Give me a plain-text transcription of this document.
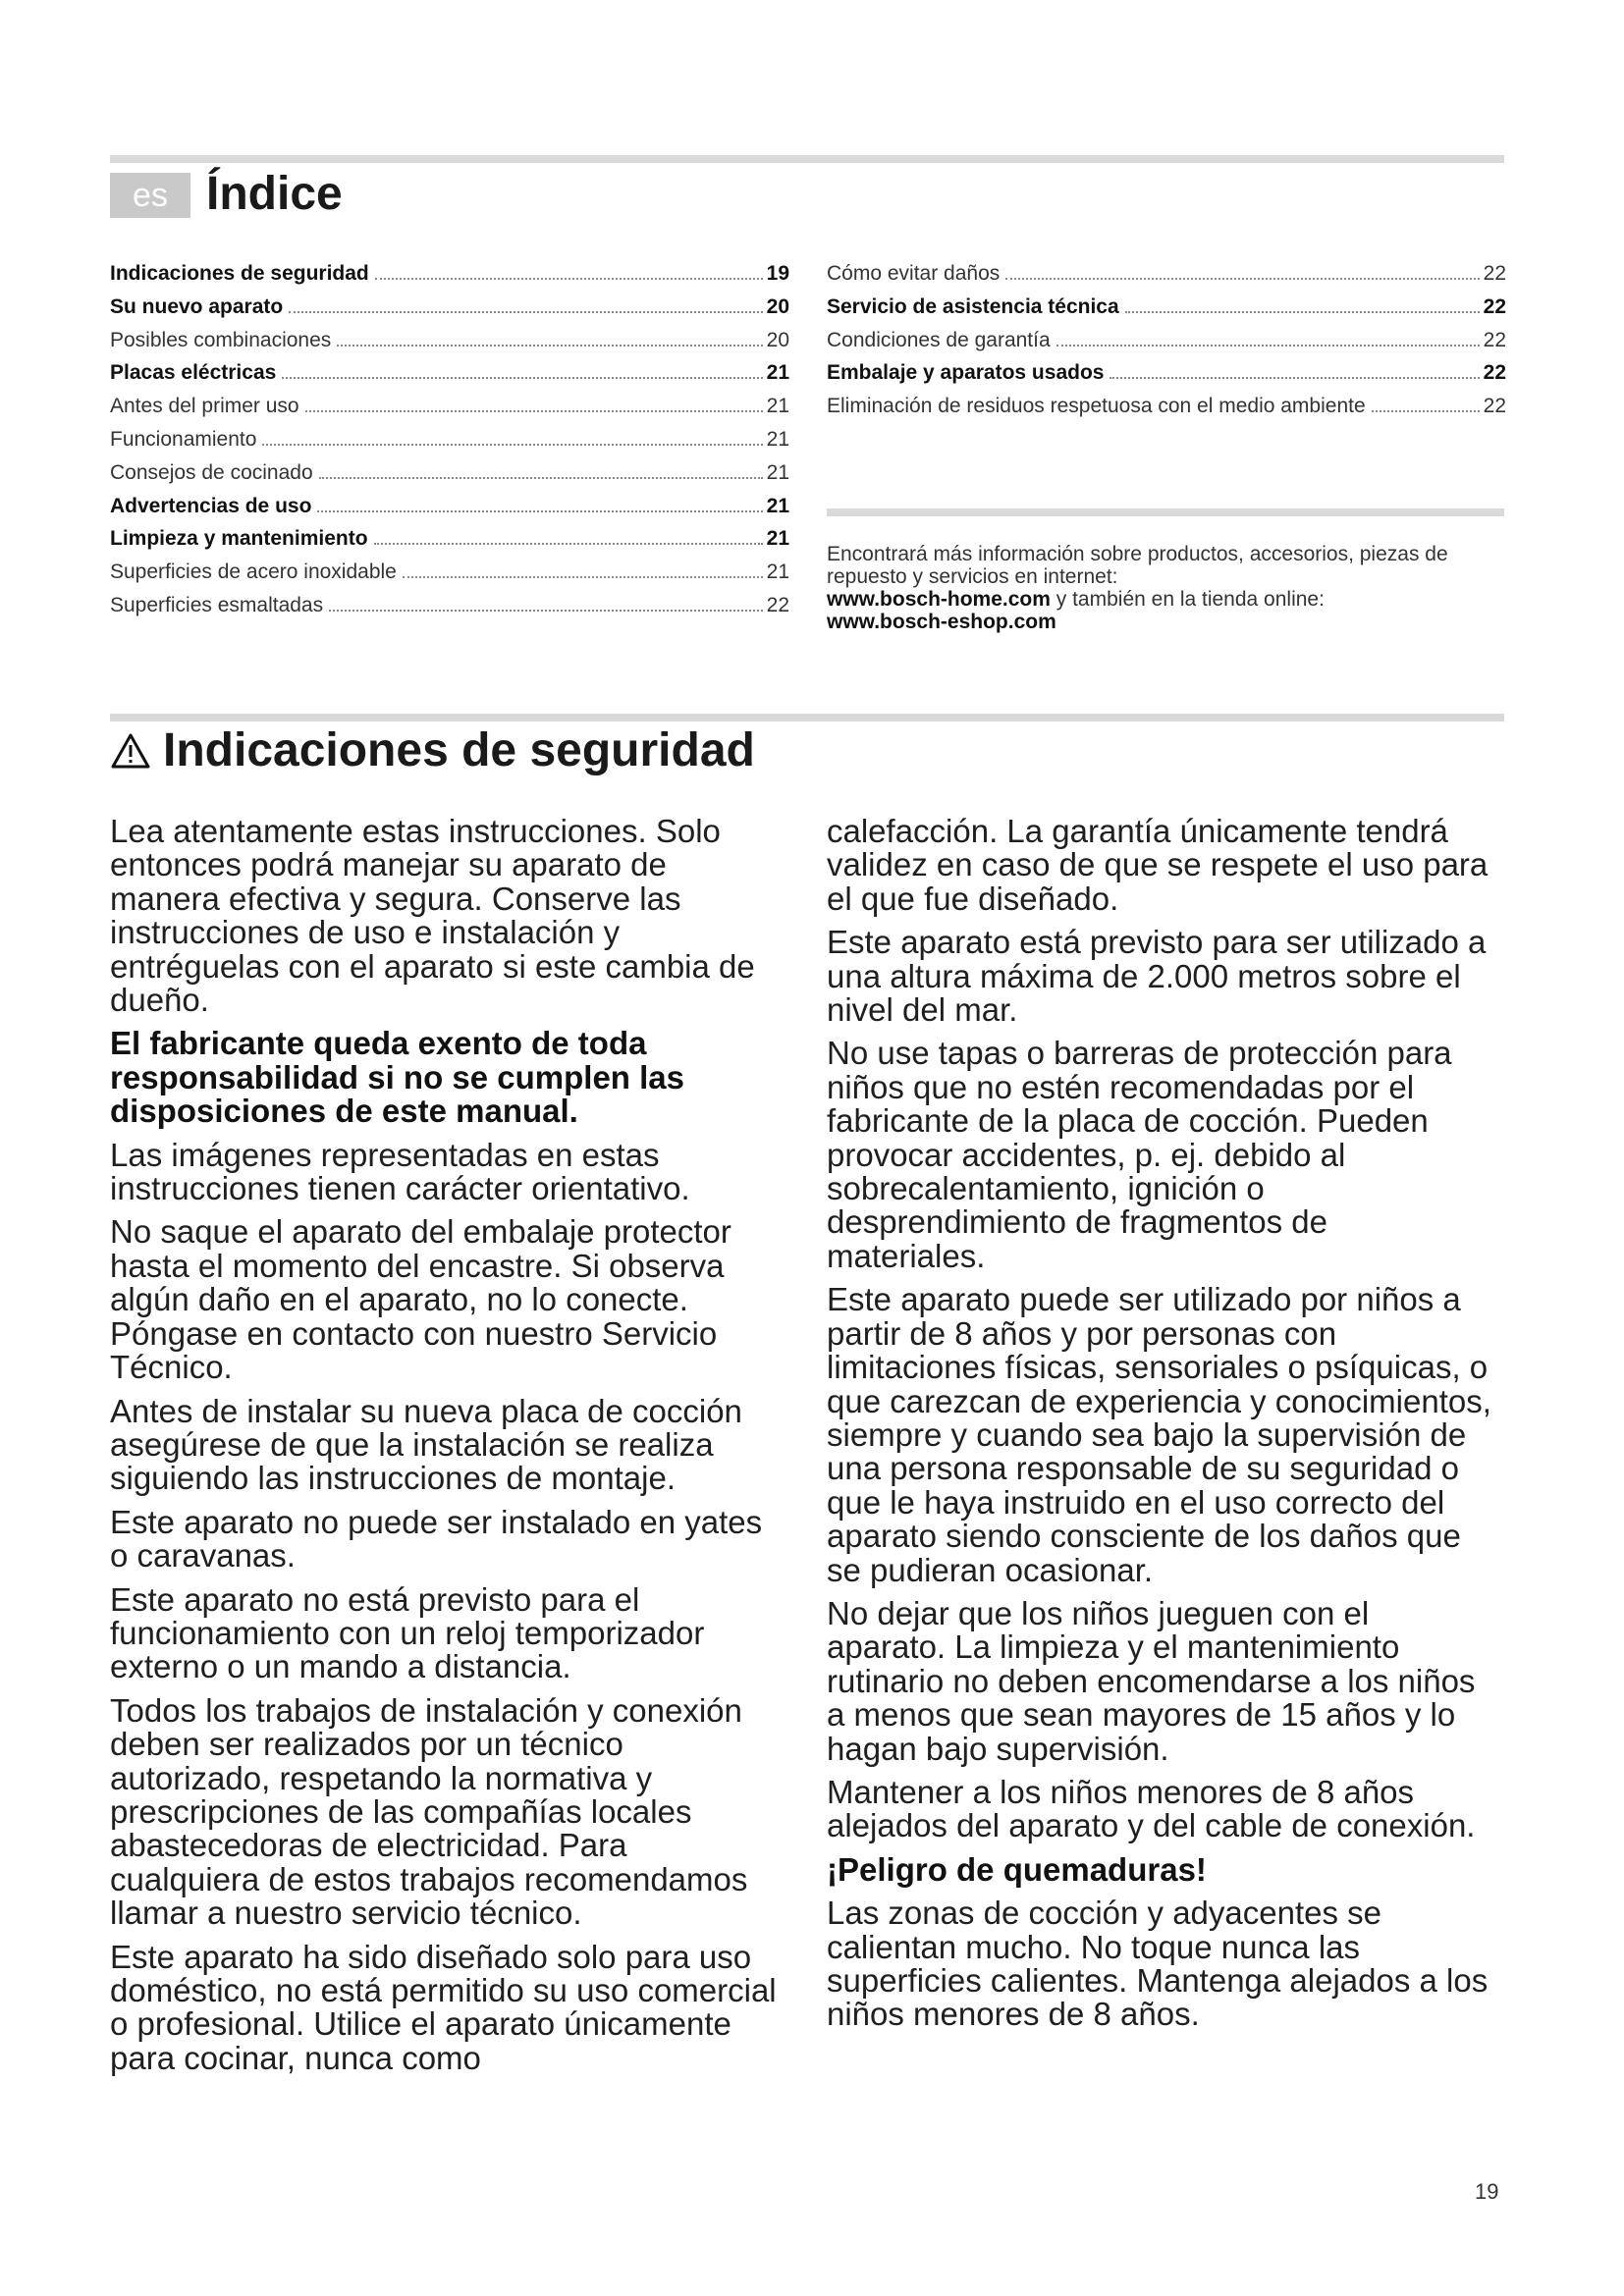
es Índice
Indicaciones de seguridad	19
Su nuevo aparato	20
Posibles combinaciones	20
Placas eléctricas	21
Antes del primer uso	21
Funcionamiento	21
Consejos de cocinado	21
Advertencias de uso	21
Limpieza y mantenimiento	21
Superficies de acero inoxidable	21
Superficies esmaltadas	22
Cómo evitar daños	22
Servicio de asistencia técnica	22
Condiciones de garantía	22
Embalaje y aparatos usados	22
Eliminación de residuos respetuosa con el medio ambiente	22

Encontrará más información sobre productos, accesorios, piezas de repuesto y servicios en internet:
www.bosch-home.com y también en la tienda online:
www.bosch-eshop.com

Indicaciones de seguridad

Lea atentamente estas instrucciones. Solo entonces podrá manejar su aparato de manera efectiva y segura. Conserve las instrucciones de uso e instalación y entréguelas con el aparato si este cambia de dueño.

El fabricante queda exento de toda responsabilidad si no se cumplen las disposiciones de este manual.

Las imágenes representadas en estas instrucciones tienen carácter orientativo.

No saque el aparato del embalaje protector hasta el momento del encastre. Si observa algún daño en el aparato, no lo conecte. Póngase en contacto con nuestro Servicio Técnico.

Antes de instalar su nueva placa de cocción asegúrese de que la instalación se realiza siguiendo las instrucciones de montaje.

Este aparato no puede ser instalado en yates o caravanas.

Este aparato no está previsto para el funcionamiento con un reloj temporizador externo o un mando a distancia.

Todos los trabajos de instalación y conexión deben ser realizados por un técnico autorizado, respetando la normativa y prescripciones de las compañías locales abastecedoras de electricidad. Para cualquiera de estos trabajos recomendamos llamar a nuestro servicio técnico.

Este aparato ha sido diseñado solo para uso doméstico, no está permitido su uso comercial o profesional. Utilice el aparato únicamente para cocinar, nunca como

calefacción. La garantía únicamente tendrá validez en caso de que se respete el uso para el que fue diseñado.

Este aparato está previsto para ser utilizado a una altura máxima de 2.000 metros sobre el nivel del mar.

No use tapas o barreras de protección para niños que no estén recomendadas por el fabricante de la placa de cocción. Pueden provocar accidentes, p. ej. debido al sobrecalentamiento, ignición o desprendimiento de fragmentos de materiales.

Este aparato puede ser utilizado por niños a partir de 8 años y por personas con limitaciones físicas, sensoriales o psíquicas, o que carezcan de experiencia y conocimientos, siempre y cuando sea bajo la supervisión de una persona responsable de su seguridad o que le haya instruido en el uso correcto del aparato siendo consciente de los daños que se pudieran ocasionar.

No dejar que los niños jueguen con el aparato. La limpieza y el mantenimiento rutinario no deben encomendarse a los niños a menos que sean mayores de 15 años y lo hagan bajo supervisión.

Mantener a los niños menores de 8 años alejados del aparato y del cable de conexión.

¡Peligro de quemaduras!

Las zonas de cocción y adyacentes se calientan mucho. No toque nunca las superficies calientes. Mantenga alejados a los niños menores de 8 años.

19
